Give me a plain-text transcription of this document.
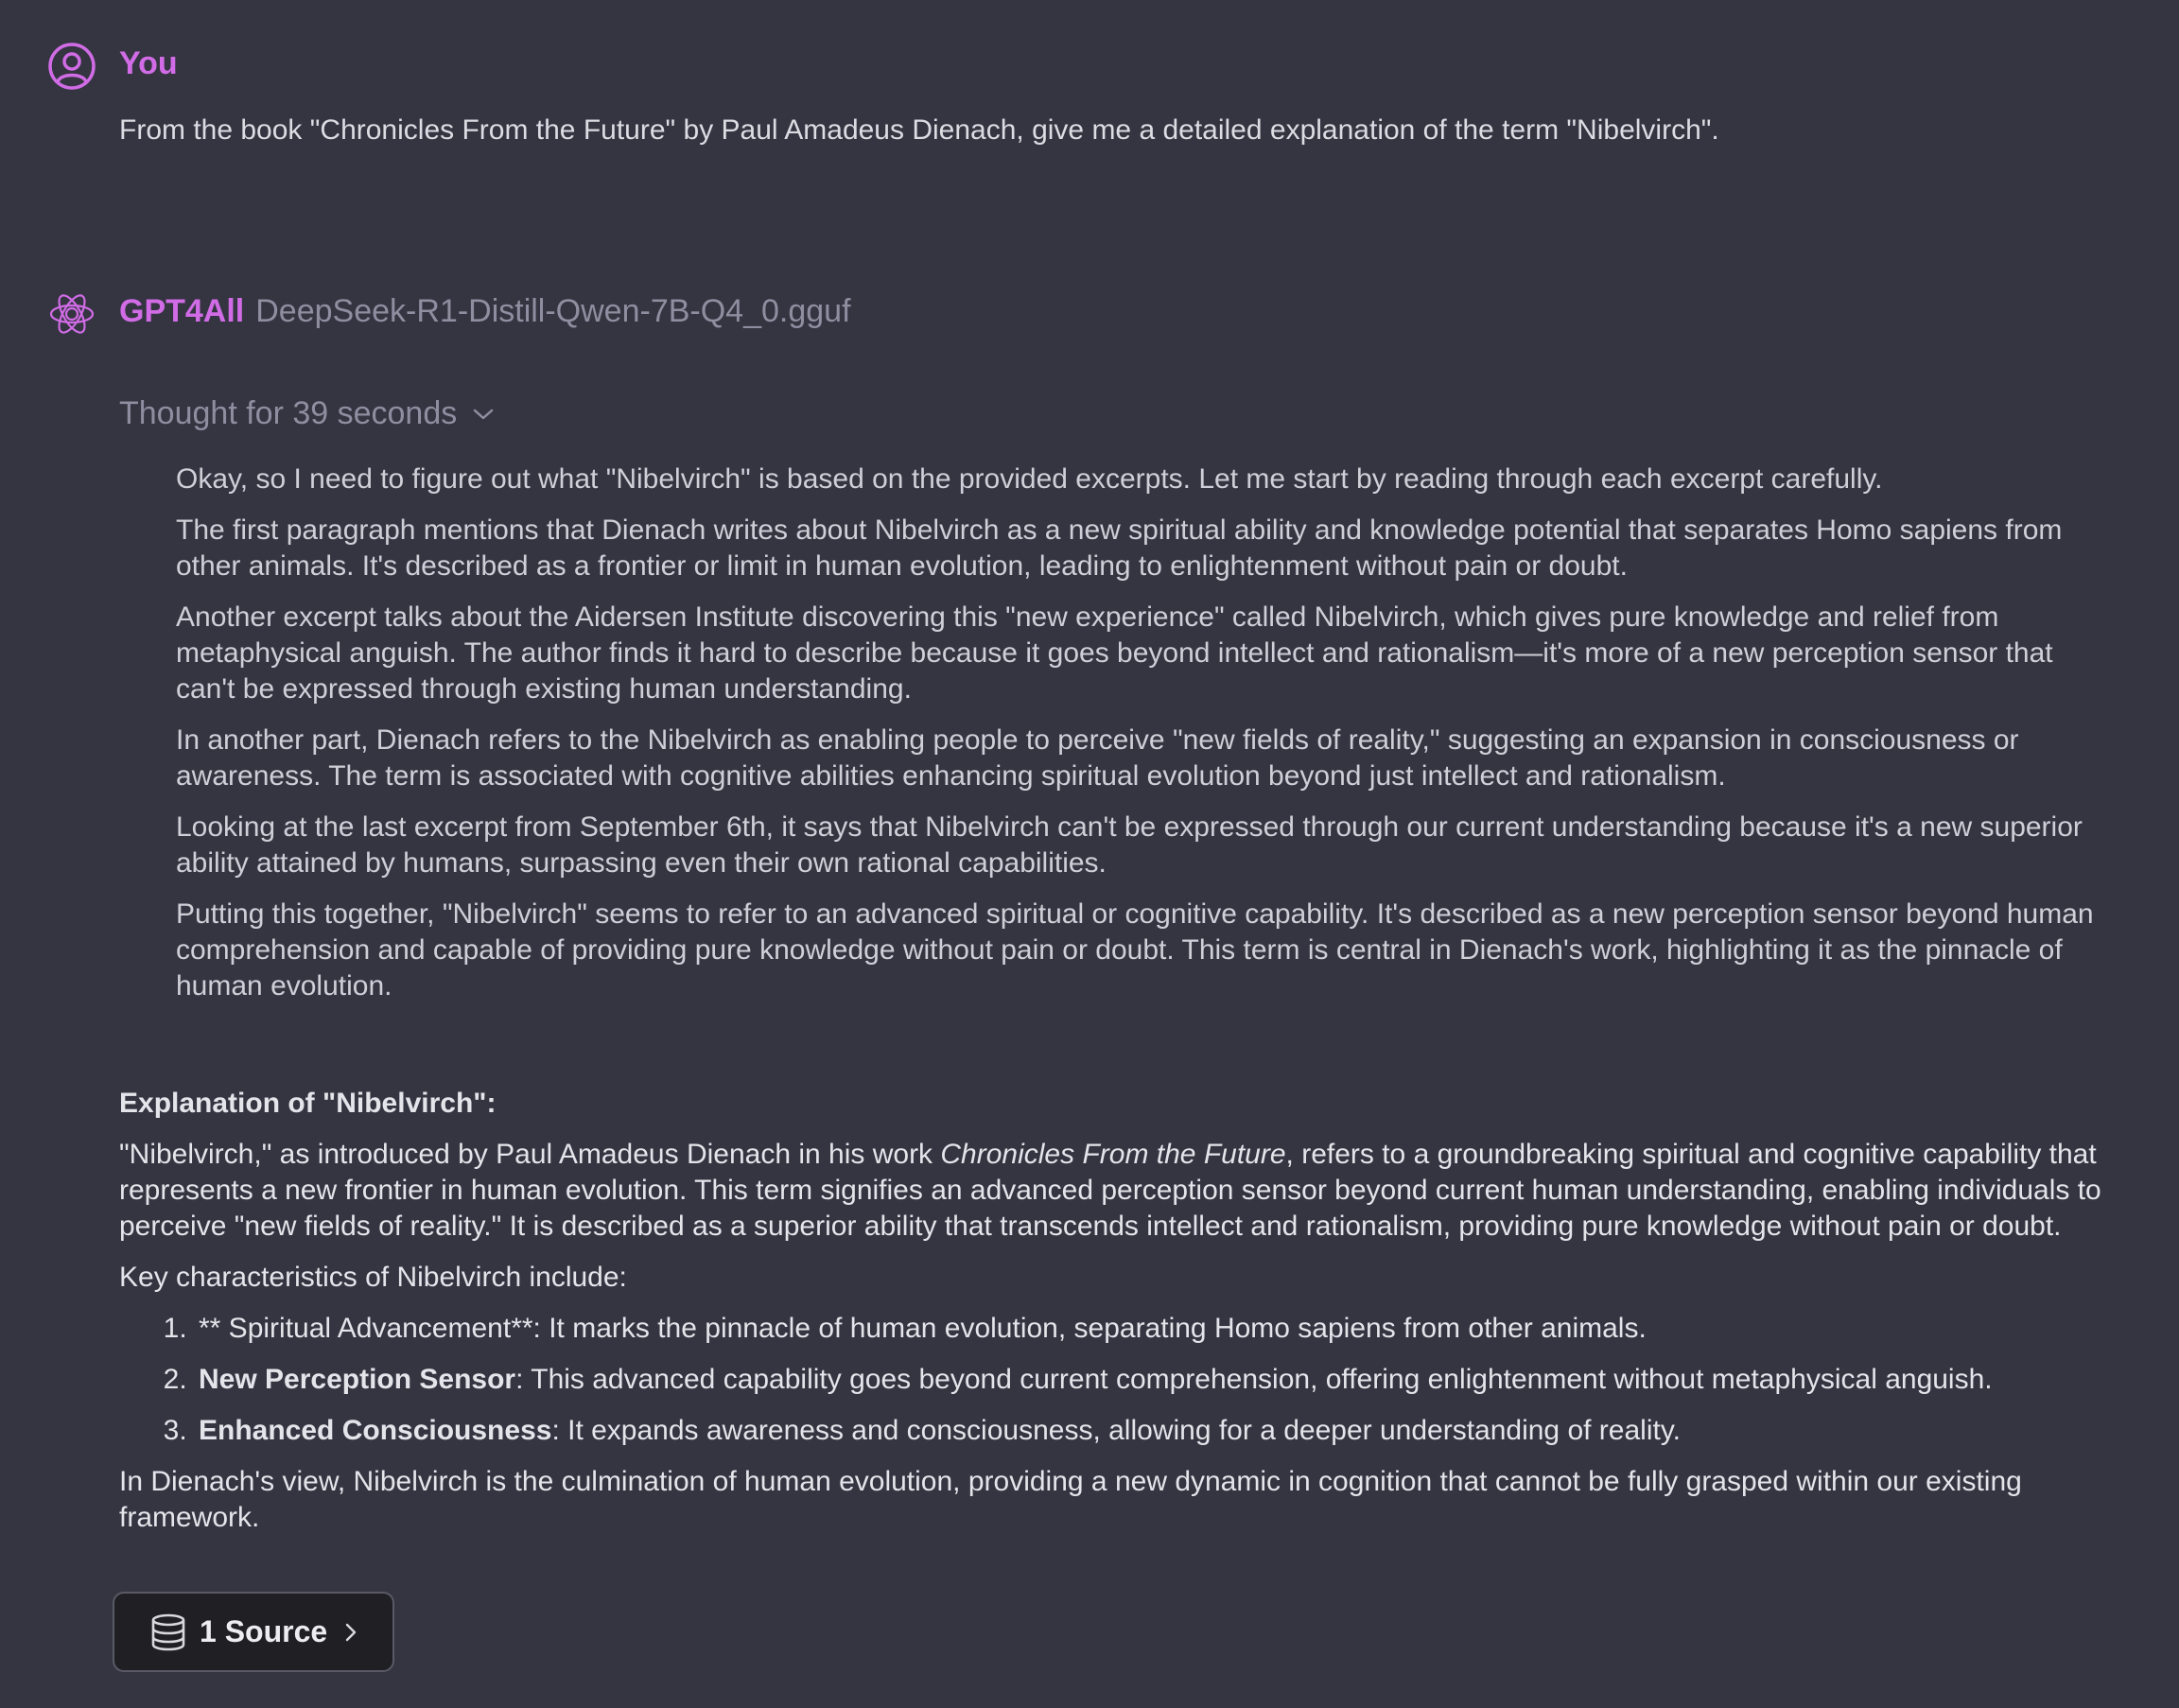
You
From the book "Chronicles From the Future" by Paul Amadeus Dienach, give me a detailed explanation of the term "Nibelvirch".
GPT4All DeepSeek-R1-Distill-Qwen-7B-Q4_0.gguf
Thought for 39 seconds

Okay, so I need to figure out what "Nibelvirch" is based on the provided excerpts. Let me start by reading through each excerpt carefully.

The first paragraph mentions that Dienach writes about Nibelvirch as a new spiritual ability and knowledge potential that separates Homo sapiens from other animals. It's described as a frontier or limit in human evolution, leading to enlightenment without pain or doubt.

Another excerpt talks about the Aidersen Institute discovering this "new experience" called Nibelvirch, which gives pure knowledge and relief from metaphysical anguish. The author finds it hard to describe because it goes beyond intellect and rationalism—it's more of a new perception sensor that can't be expressed through existing human understanding.

In another part, Dienach refers to the Nibelvirch as enabling people to perceive "new fields of reality," suggesting an expansion in consciousness or awareness. The term is associated with cognitive abilities enhancing spiritual evolution beyond just intellect and rationalism.

Looking at the last excerpt from September 6th, it says that Nibelvirch can't be expressed through our current understanding because it's a new superior ability attained by humans, surpassing even their own rational capabilities.

Putting this together, "Nibelvirch" seems to refer to an advanced spiritual or cognitive capability. It's described as a new perception sensor beyond human comprehension and capable of providing pure knowledge without pain or doubt. This term is central in Dienach's work, highlighting it as the pinnacle of human evolution.

Explanation of "Nibelvirch":

"Nibelvirch," as introduced by Paul Amadeus Dienach in his work Chronicles From the Future, refers to a groundbreaking spiritual and cognitive capability that represents a new frontier in human evolution. This term signifies an advanced perception sensor beyond current human understanding, enabling individuals to perceive "new fields of reality." It is described as a superior ability that transcends intellect and rationalism, providing pure knowledge without pain or doubt.

Key characteristics of Nibelvirch include:

1. ** Spiritual Advancement**: It marks the pinnacle of human evolution, separating Homo sapiens from other animals.
2. New Perception Sensor: This advanced capability goes beyond current comprehension, offering enlightenment without metaphysical anguish.
3. Enhanced Consciousness: It expands awareness and consciousness, allowing for a deeper understanding of reality.

In Dienach's view, Nibelvirch is the culmination of human evolution, providing a new dynamic in cognition that cannot be fully grasped within our existing framework.

1 Source
